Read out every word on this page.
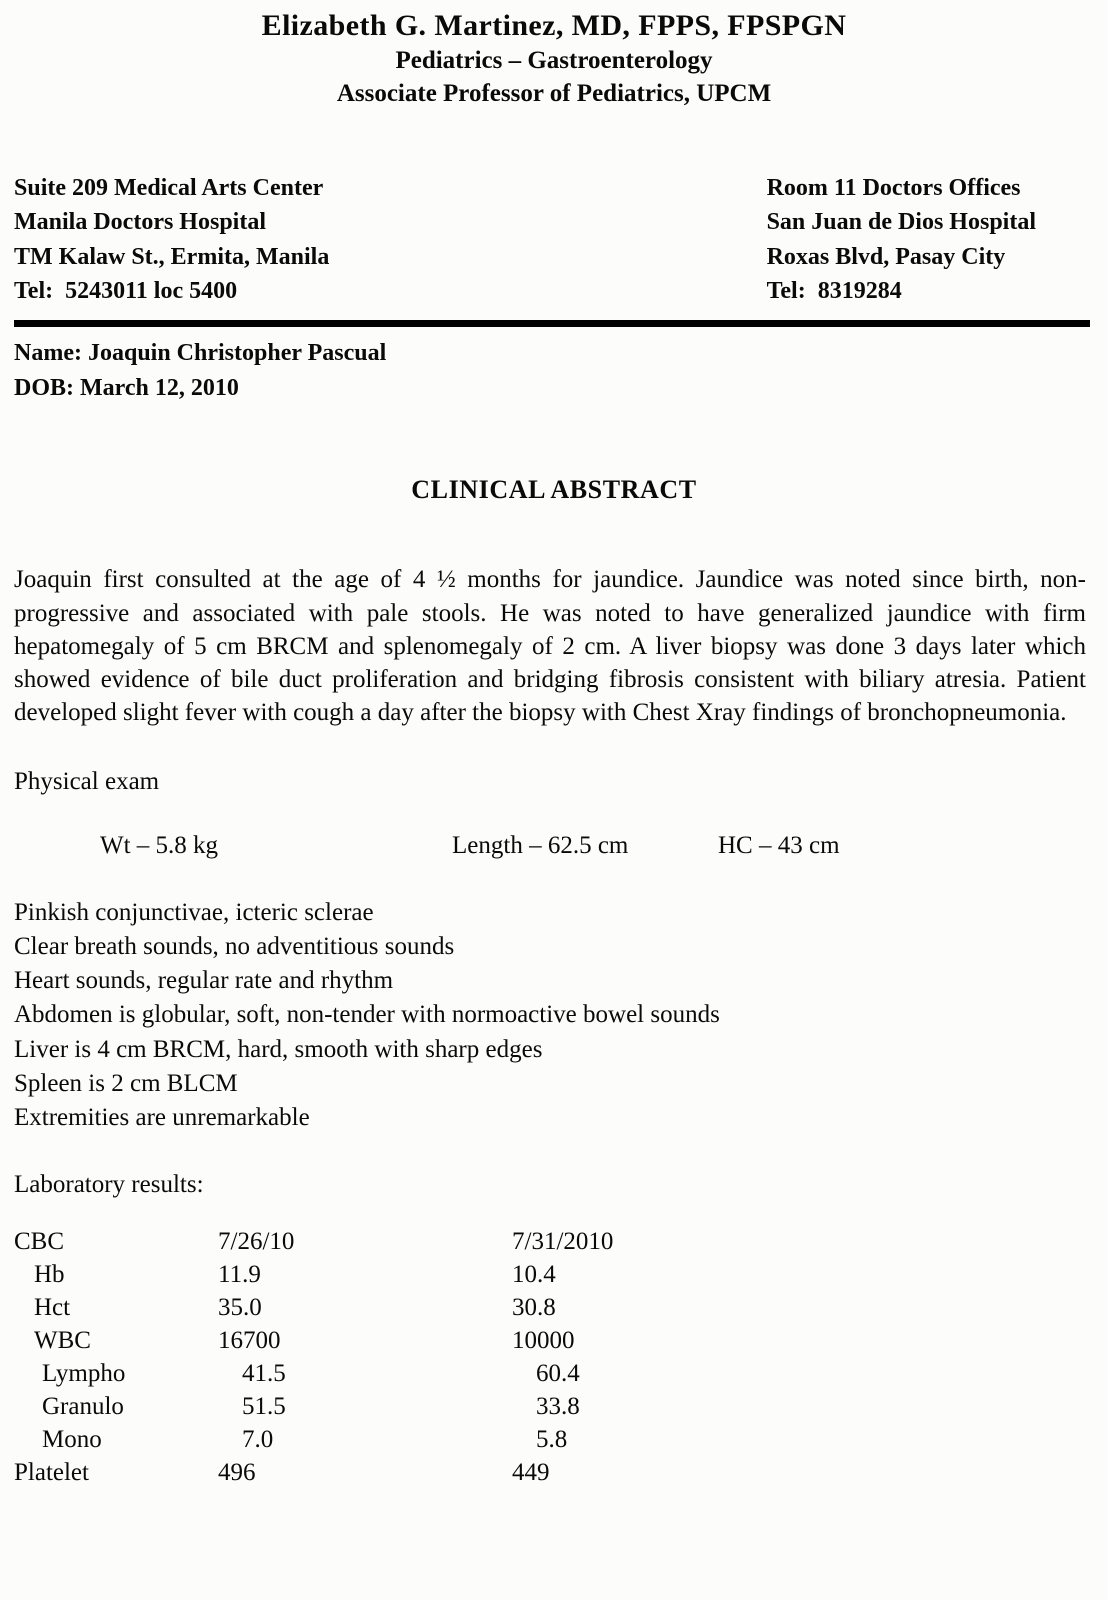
Elizabeth G. Martinez, MD, FPPS, FPSPGN
Pediatrics – Gastroenterology
Associate Professor of Pediatrics, UPCM
Suite 209 Medical Arts Center
Manila Doctors Hospital
TM Kalaw St., Ermita, Manila
Tel:  5243011 loc 5400
Room 11 Doctors Offices
San Juan de Dios Hospital
Roxas Blvd, Pasay City
Tel:  8319284
Name: Joaquin Christopher Pascual
DOB: March 12, 2010
CLINICAL ABSTRACT
Joaquin first consulted at the age of 4 ½ months for jaundice. Jaundice was noted since birth, non-progressive and associated with pale stools. He was noted to have generalized jaundice with firm hepatomegaly of 5 cm BRCM and splenomegaly of 2 cm. A liver biopsy was done 3 days later which showed evidence of bile duct proliferation and bridging fibrosis consistent with biliary atresia. Patient developed slight fever with cough a day after the biopsy with Chest Xray findings of bronchopneumonia.
Physical exam
Wt – 5.8 kg	Length – 62.5 cm	HC – 43 cm
Pinkish conjunctivae, icteric sclerae
Clear breath sounds, no adventitious sounds
Heart sounds, regular rate and rhythm
Abdomen is globular, soft, non-tender with normoactive bowel sounds
Liver is 4 cm BRCM, hard, smooth with sharp edges
Spleen is 2 cm BLCM
Extremities are unremarkable
Laboratory results:
CBC	7/26/10	7/31/2010
Hb	11.9	10.4
Hct	35.0	30.8
WBC	16700	10000
Lympho	41.5	60.4
Granulo	51.5	33.8
Mono	7.0	5.8
Platelet	496	449
